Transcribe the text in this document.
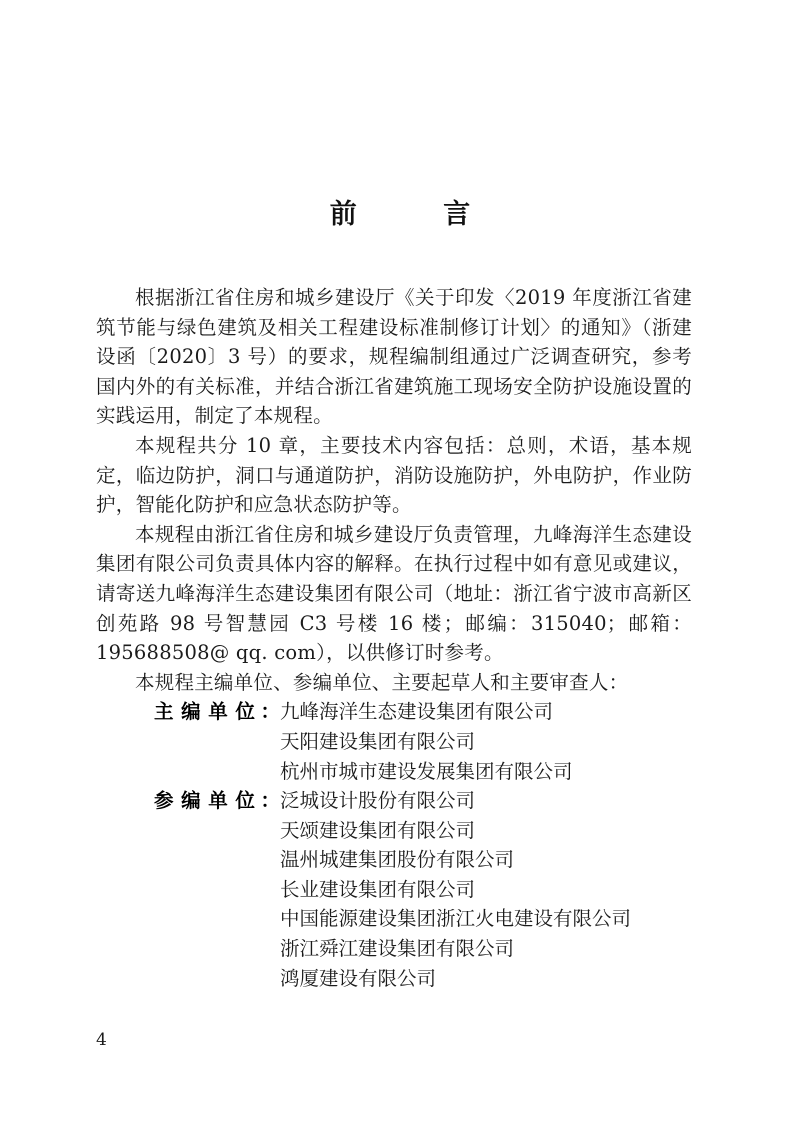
前　　言

根据浙江省住房和城乡建设厅《关于印发〈2019 年度浙江省建筑节能与绿色建筑及相关工程建设标准制修订计划〉的通知》（浙建设函〔2020〕3 号）的要求，规程编制组通过广泛调查研究，参考国内外的有关标准，并结合浙江省建筑施工现场安全防护设施设置的实践运用，制定了本规程。

本规程共分 10 章，主要技术内容包括：总则，术语，基本规定，临边防护，洞口与通道防护，消防设施防护，外电防护，作业防护，智能化防护和应急状态防护等。

本规程由浙江省住房和城乡建设厅负责管理，九峰海洋生态建设集团有限公司负责具体内容的解释。在执行过程中如有意见或建议，请寄送九峰海洋生态建设集团有限公司（地址：浙江省宁波市高新区创苑路 98 号智慧园 C3 号楼 16 楼；邮编：315040；邮箱：195688508@ qq. com），以供修订时参考。

本规程主编单位、参编单位、主要起草人和主要审查人：

主 编 单 位 ： 九峰海洋生态建设集团有限公司
天阳建设集团有限公司
杭州市城市建设发展集团有限公司
参 编 单 位 ： 泛城设计股份有限公司
天颂建设集团有限公司
温州城建集团股份有限公司
长业建设集团有限公司
中国能源建设集团浙江火电建设有限公司
浙江舜江建设集团有限公司
鸿厦建设有限公司
4
